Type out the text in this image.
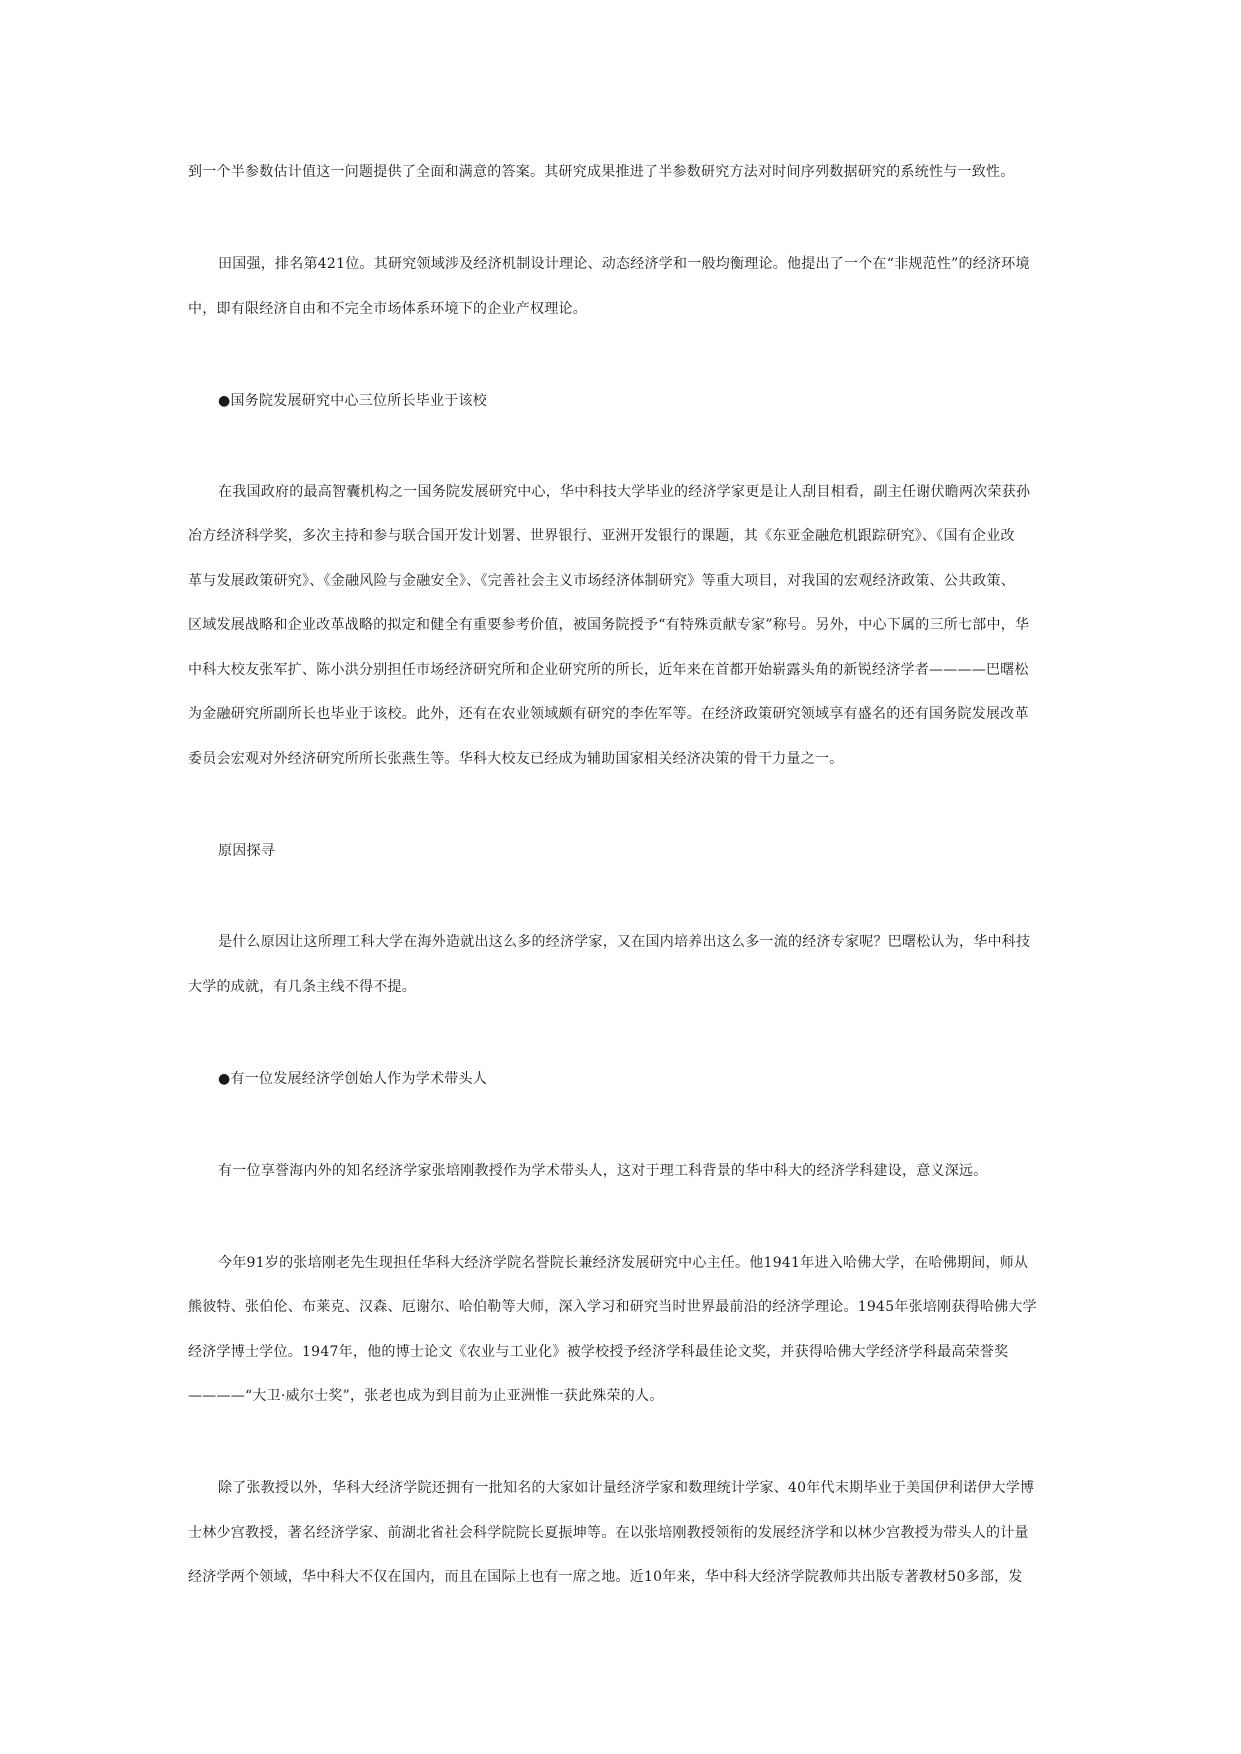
到一个半参数估计值这一问题提供了全面和满意的答案。其研究成果推进了半参数研究方法对时间序列数据研究的系统性与一致性。
田国强，排名第421位。其研究领域涉及经济机制设计理论、动态经济学和一般均衡理论。他提出了一个在“非规范性”的经济环境
中，即有限经济自由和不完全市场体系环境下的企业产权理论。
●国务院发展研究中心三位所长毕业于该校
在我国政府的最高智囊机构之一国务院发展研究中心，华中科技大学毕业的经济学家更是让人刮目相看，副主任谢伏瞻两次荣获孙
冶方经济科学奖，多次主持和参与联合国开发计划署、世界银行、亚洲开发银行的课题，其《东亚金融危机跟踪研究》、《国有企业改
革与发展政策研究》、《金融风险与金融安全》、《完善社会主义市场经济体制研究》等重大项目，对我国的宏观经济政策、公共政策、
区域发展战略和企业改革战略的拟定和健全有重要参考价值，被国务院授予“有特殊贡献专家”称号。另外，中心下属的三所七部中，华
中科大校友张军扩、陈小洪分别担任市场经济研究所和企业研究所的所长，近年来在首都开始崭露头角的新锐经济学者————巴曙松
为金融研究所副所长也毕业于该校。此外，还有在农业领域颇有研究的李佐军等。在经济政策研究领域享有盛名的还有国务院发展改革
委员会宏观对外经济研究所所长张燕生等。华科大校友已经成为辅助国家相关经济决策的骨干力量之一。
原因探寻
是什么原因让这所理工科大学在海外造就出这么多的经济学家，又在国内培养出这么多一流的经济专家呢？巴曙松认为，华中科技
大学的成就，有几条主线不得不提。
●有一位发展经济学创始人作为学术带头人
有一位享誉海内外的知名经济学家张培刚教授作为学术带头人，这对于理工科背景的华中科大的经济学科建设，意义深远。
今年91岁的张培刚老先生现担任华科大经济学院名誉院长兼经济发展研究中心主任。他1941年进入哈佛大学，在哈佛期间，师从
熊彼特、张伯伦、布莱克、汉森、厄谢尔、哈伯勒等大师，深入学习和研究当时世界最前沿的经济学理论。1945年张培刚获得哈佛大学
经济学博士学位。1947年，他的博士论文《农业与工业化》被学校授予经济学科最佳论文奖，并获得哈佛大学经济学科最高荣誉奖
————“大卫·威尔士奖”，张老也成为到目前为止亚洲惟一获此殊荣的人。
除了张教授以外，华科大经济学院还拥有一批知名的大家如计量经济学家和数理统计学家、40年代末期毕业于美国伊利诺伊大学博
士林少宫教授，著名经济学家、前湖北省社会科学院院长夏振坤等。在以张培刚教授领衔的发展经济学和以林少宫教授为带头人的计量
经济学两个领域，华中科大不仅在国内，而且在国际上也有一席之地。近10年来，华中科大经济学院教师共出版专著教材50多部，发
